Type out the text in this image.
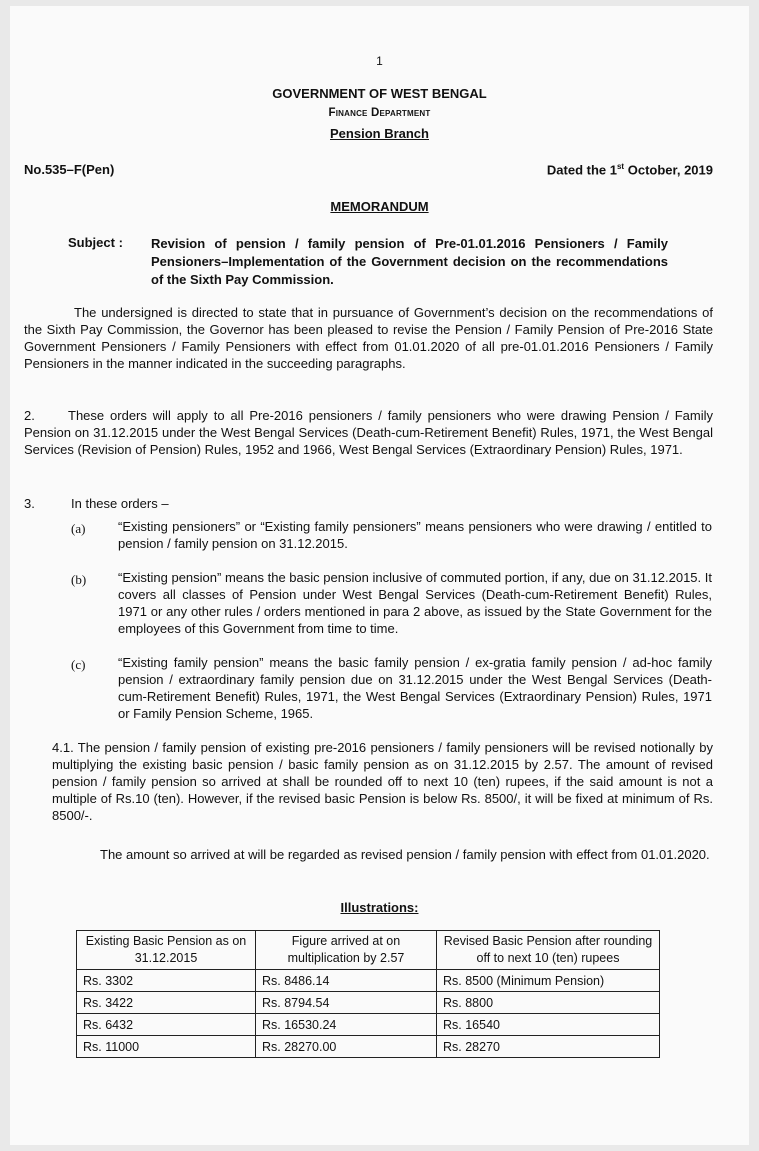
1
GOVERNMENT OF WEST BENGAL
Finance Department
Pension Branch
No.535–F(Pen)	Dated the 1st October, 2019
MEMORANDUM
Subject : Revision of pension / family pension of Pre-01.01.2016 Pensioners / Family Pensioners–Implementation of the Government decision on the recommendations of the Sixth Pay Commission.
The undersigned is directed to state that in pursuance of Government’s decision on the recommendations of the Sixth Pay Commission, the Governor has been pleased to revise the Pension / Family Pension of Pre-2016 State Government Pensioners / Family Pensioners with effect from 01.01.2020 of all pre-01.01.2016 Pensioners / Family Pensioners in the manner indicated in the succeeding paragraphs.
2.	These orders will apply to all Pre-2016 pensioners / family pensioners who were drawing Pension / Family Pension on 31.12.2015 under the West Bengal Services (Death-cum-Retirement Benefit) Rules, 1971, the West Bengal Services (Revision of Pension) Rules, 1952 and 1966, West Bengal Services (Extraordinary Pension) Rules, 1971.
3.	In these orders –
(a)	“Existing pensioners” or “Existing family pensioners” means pensioners who were drawing / entitled to pension / family pension on 31.12.2015.
(b) “Existing pension” means the basic pension inclusive of commuted portion, if any, due on 31.12.2015. It covers all classes of Pension under West Bengal Services (Death-cum-Retirement Benefit) Rules, 1971 or any other rules / orders mentioned in para 2 above, as issued by the State Government for the employees of this Government from time to time.
(c)	“Existing family pension” means the basic family pension / ex-gratia family pension / ad-hoc family pension / extraordinary family pension due on 31.12.2015 under the West Bengal Services (Death-cum-Retirement Benefit) Rules, 1971, the West Bengal Services (Extraordinary Pension) Rules, 1971 or Family Pension Scheme, 1965.
4.1. The pension / family pension of existing pre-2016 pensioners / family pensioners will be revised notionally by multiplying the existing basic pension / basic family pension as on 31.12.2015 by 2.57. The amount of revised pension / family pension so arrived at shall be rounded off to next 10 (ten) rupees, if the said amount is not a multiple of Rs.10 (ten). However, if the revised basic Pension is below Rs. 8500/, it will be fixed at minimum of Rs. 8500/-.
The amount so arrived at will be regarded as revised pension / family pension with effect from 01.01.2020.
Illustrations:
Existing Basic Pension as on 31.12.2015	Figure arrived at on multiplication by 2.57	Revised Basic Pension after rounding off to next 10 (ten) rupees
Rs. 3302	Rs. 8486.14	Rs. 8500 (Minimum Pension)
Rs. 3422	Rs. 8794.54	Rs. 8800
Rs. 6432	Rs. 16530.24	Rs. 16540
Rs. 11000	Rs. 28270.00	Rs. 28270
